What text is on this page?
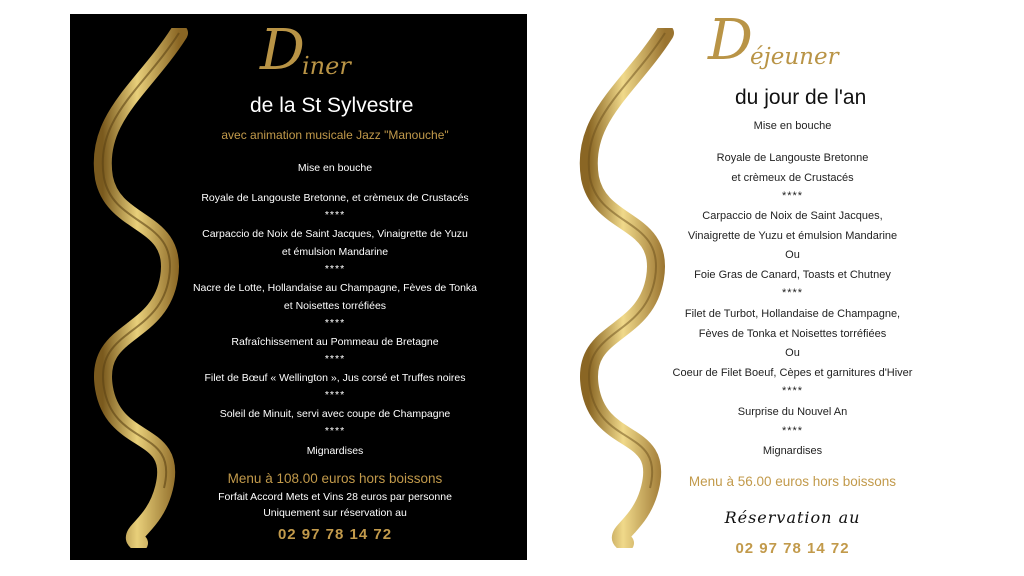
D
iner
de la St Sylvestre
avec animation musicale Jazz "Manouche"
Mise en bouche
Royale de Langouste Bretonne, et crèmeux de Crustacés
****
Carpaccio de Noix de Saint Jacques, Vinaigrette de Yuzu
et émulsion Mandarine
****
Nacre de Lotte, Hollandaise au Champagne, Fèves de Tonka
et Noisettes torréfiées
****
Rafraîchissement au Pommeau de Bretagne
****
Filet de Bœuf « Wellington », Jus corsé et Truffes noires
****
Soleil de Minuit, servi avec coupe de Champagne
****
Mignardises
Menu à 108.00 euros hors boissons
Forfait Accord Mets et Vins 28 euros par personne
Uniquement sur réservation au
02 97 78 14 72
D
éjeuner
du jour de l'an
Mise en bouche
Royale de Langouste Bretonne
et crèmeux de Crustacés
****
Carpaccio de Noix de Saint Jacques,
Vinaigrette de Yuzu et émulsion Mandarine
Ou
Foie Gras de Canard, Toasts et Chutney
****
Filet de Turbot, Hollandaise de Champagne,
Fèves de Tonka et Noisettes torréfiées
Ou
Coeur de Filet Boeuf, Cèpes et garnitures d'Hiver
****
Surprise du Nouvel An
****
Mignardises
Menu à 56.00 euros hors boissons
Réservation au
02 97 78 14 72
